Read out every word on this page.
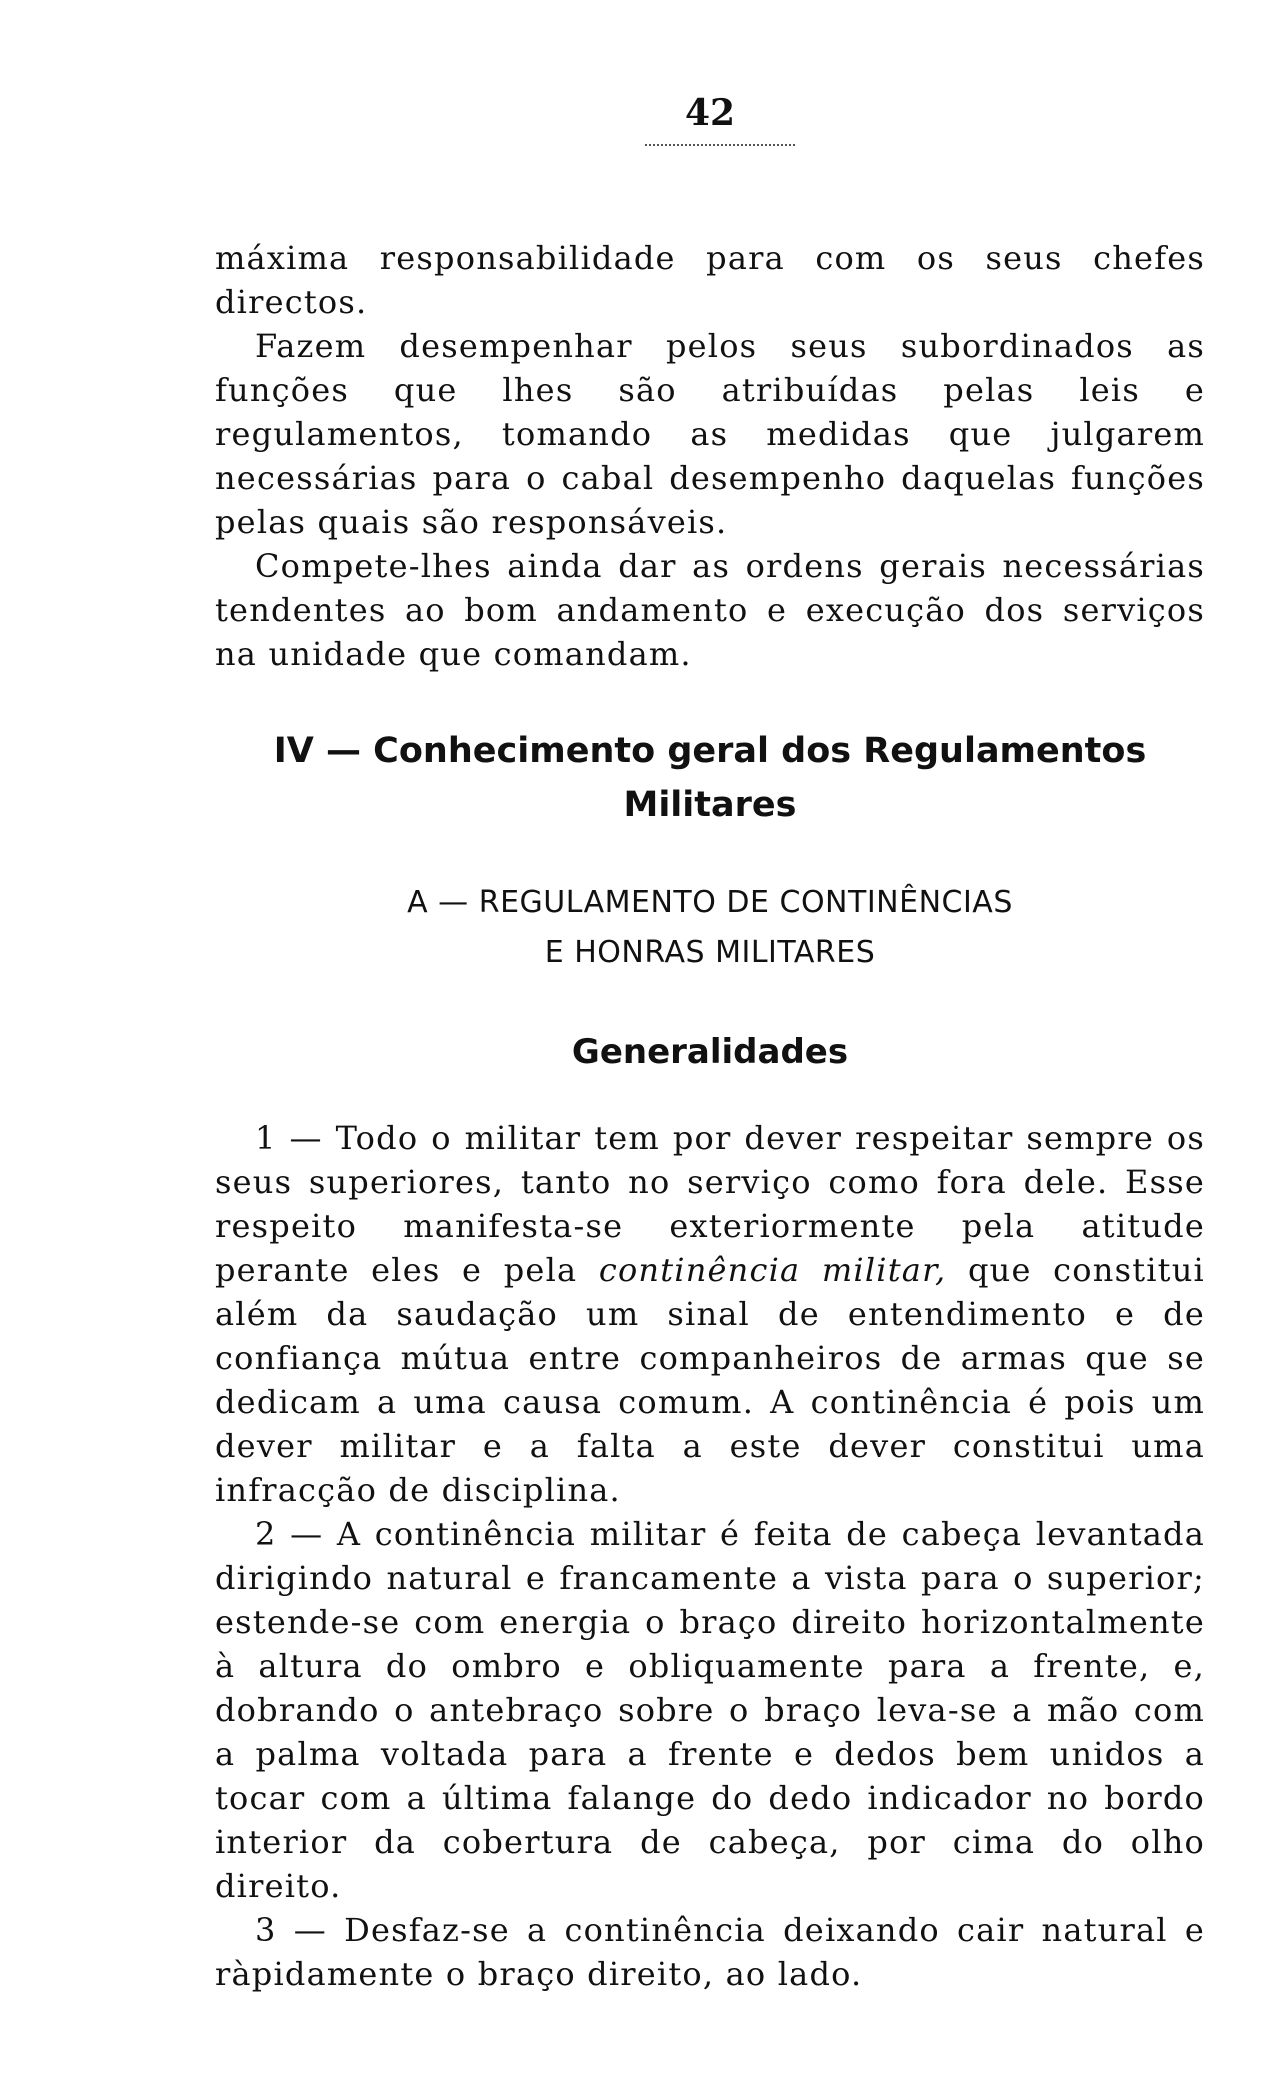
42

máxima responsabilidade para com os seus chefes directos.

Fazem desempenhar pelos seus subordinados as funções que lhes são atribuídas pelas leis e regulamentos, tomando as medidas que julgarem necessárias para o cabal desempenho daquelas funções pelas quais são responsáveis.

Compete-lhes ainda dar as ordens gerais necessárias tendentes ao bom andamento e execução dos serviços na unidade que comandam.

IV — Conhecimento geral dos Regulamentos
Militares
A — REGULAMENTO DE CONTINÊNCIAS
E HONRAS MILITARES
Generalidades

1 — Todo o militar tem por dever respeitar sempre os seus superiores, tanto no serviço como fora dele. Esse respeito manifesta-se exteriormente pela atitude perante eles e pela continência militar, que constitui além da saudação um sinal de entendimento e de confiança mútua entre companheiros de armas que se dedicam a uma causa comum. A continência é pois um dever militar e a falta a este dever constitui uma infracção de disciplina.

2 — A continência militar é feita de cabeça levantada dirigindo natural e francamente a vista para o superior; estende-se com energia o braço direito horizontalmente à altura do ombro e obliquamente para a frente, e, dobrando o antebraço sobre o braço leva-se a mão com a palma voltada para a frente e dedos bem unidos a tocar com a última falange do dedo indicador no bordo interior da cobertura de cabeça, por cima do olho direito.

3 — Desfaz-se a continência deixando cair natural e ràpidamente o braço direito, ao lado.
